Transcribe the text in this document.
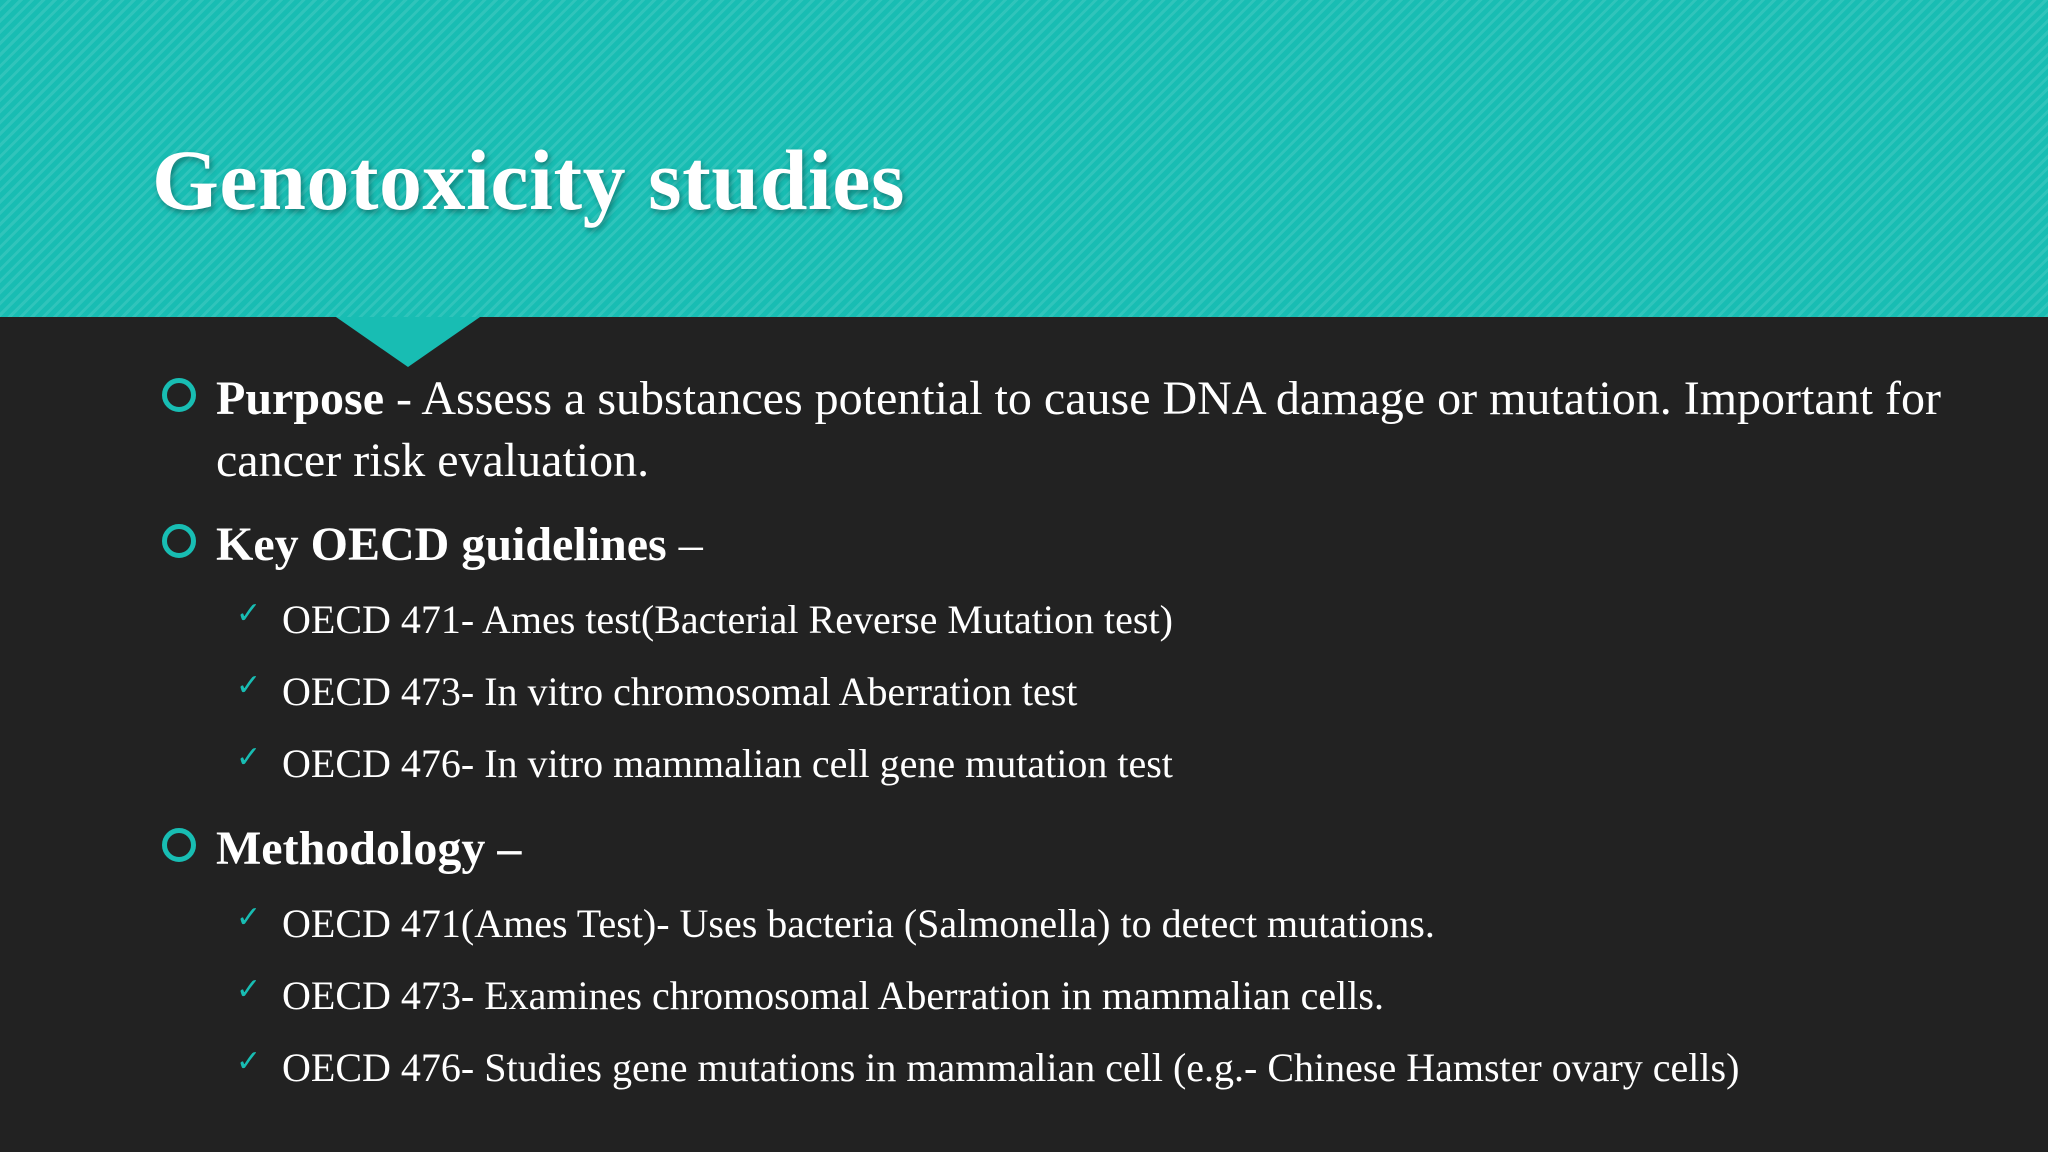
Genotoxicity studies
Purpose - Assess a substances potential to cause DNA damage or mutation. Important for cancer risk evaluation.
Key OECD guidelines –
✓ OECD 471- Ames test(Bacterial Reverse Mutation test)
✓ OECD 473- In vitro chromosomal Aberration test
✓ OECD 476- In vitro mammalian cell gene mutation test
Methodology –
✓ OECD 471(Ames Test)- Uses bacteria (Salmonella) to detect mutations.
✓ OECD 473- Examines chromosomal Aberration in mammalian cells.
✓ OECD 476- Studies gene mutations in mammalian cell (e.g.- Chinese Hamster ovary cells)
